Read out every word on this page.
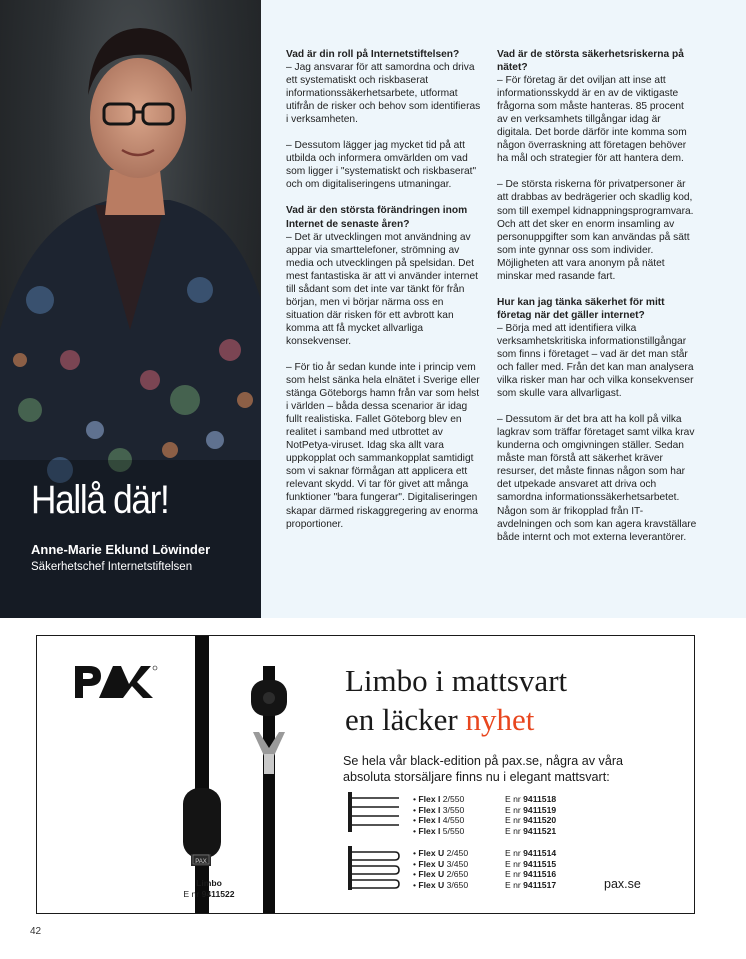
Hallå där!
Anne-Marie Eklund Löwinder
Säkerhetschef Internetstiftelsen

Vad är din roll på Internetstiftelsen?
– Jag ansvarar för att samordna och driva ett systematiskt och riskbaserat informationssäkerhetsarbete, utformat utifrån de risker och behov som identifieras i verksamheten.

– Dessutom lägger jag mycket tid på att utbilda och informera omvärlden om vad som ligger i "systematiskt och riskbaserat" och om digitaliseringens utmaningar.

Vad är den största förändringen inom Internet de senaste åren?
– Det är utvecklingen mot användning av appar via smarttelefoner, strömning av media och utvecklingen på spelsidan. Det mest fantastiska är att vi använder internet till sådant som det inte var tänkt för från början, men vi börjar närma oss en situation där risken för ett avbrott kan komma att få mycket allvarliga konsekvenser.

– För tio år sedan kunde inte i princip vem som helst sänka hela elnätet i Sverige eller stänga Göteborgs hamn från var som helst i världen – båda dessa scenarior är idag fullt realistiska. Fallet Göteborg blev en realitet i samband med utbrottet av NotPetya-viruset. Idag ska allt vara uppkopplat och sammankopplat samtidigt som vi saknar förmågan att applicera ett relevant skydd. Vi tar för givet att många funktioner "bara fungerar". Digitaliseringen skapar därmed riskaggregering av enorma proportioner.

Vad är de största säkerhetsriskerna på nätet?
– För företag är det oviljan att inse att informationsskydd är en av de viktigaste frågorna som måste hanteras. 85 procent av en verksamhets tillgångar idag är digitala. Det borde därför inte komma som någon överraskning att företagen behöver ha mål och strategier för att hantera dem.

– De största riskerna för privatpersoner är att drabbas av bedrägerier och skadlig kod, som till exempel kidnappningsprogramvara. Och att det sker en enorm insamling av personuppgifter som kan användas på sätt som inte gynnar oss som individer. Möjligheten att vara anonym på nätet minskar med rasande fart.

Hur kan jag tänka säkerhet för mitt företag när det gäller internet?
– Börja med att identifiera vilka verksamhetskritiska informationstillgångar som finns i företaget – vad är det man står och faller med. Från det kan man analysera vilka risker man har och vilka konsekvenser som skulle vara allvarligast.

– Dessutom är det bra att ha koll på vilka lagkrav som träffar företaget samt vilka krav kunderna och omgivningen ställer. Sedan måste man förstå att säkerhet kräver resurser, det måste finnas någon som har det utpekade ansvaret att driva och samordna informationssäkerhetsarbetet. Någon som är frikopplad från IT-avdelningen och som kan agera kravställare både internt och mot externa leverantörer.

PAX
Limbo
E nr 9411522
Limbo i mattsvart
en läcker nyhet
Se hela vår black-edition på pax.se, några av våra absoluta storsäljare finns nu i elegant mattsvart:
• Flex I 2/550	E nr 9411518
• Flex I 3/550	E nr 9411519
• Flex I 4/550	E nr 9411520
• Flex I 5/550	E nr 9411521
• Flex U 2/450	E nr 9411514
• Flex U 3/450	E nr 9411515
• Flex U 2/650	E nr 9411516
• Flex U 3/650	E nr 9411517	pax.se
42
